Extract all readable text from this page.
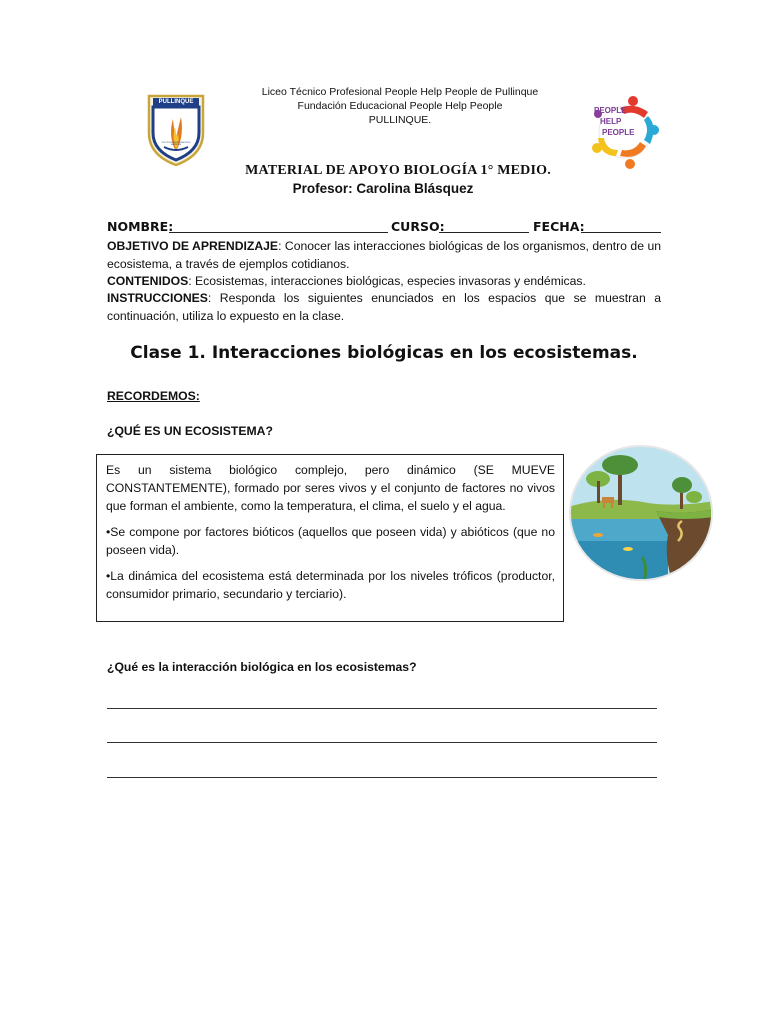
PULLINQUE
LICEO TÉCNICO PROFESIONAL PEOPLE HELP PEOPLE
Liceo Técnico Profesional People Help People de Pullinque
Fundación Educacional People Help People
PULLINQUE.
PEOPLE
HELP
PEOPLE
MATERIAL DE APOYO BIOLOGÍA 1° MEDIO.
Profesor: Carolina Blásquez
NOMBRE:	CURSO:	FECHA:
OBJETIVO DE APRENDIZAJE: Conocer las interacciones biológicas de los organismos, dentro de un ecosistema, a través de ejemplos cotidianos.
CONTENIDOS: Ecosistemas, interacciones biológicas, especies invasoras y endémicas.
INSTRUCCIONES: Responda los siguientes enunciados en los espacios que se muestran a continuación, utiliza lo expuesto en la clase.
Clase 1. Interacciones biológicas en los ecosistemas.
RECORDEMOS:
¿QUÉ ES UN ECOSISTEMA?

Es un sistema biológico complejo, pero dinámico (SE MUEVE CONSTANTEMENTE), formado por seres vivos y el conjunto de factores no vivos que forman el ambiente, como la temperatura, el clima, el suelo y el agua.

•Se compone por factores bióticos (aquellos que poseen vida) y abióticos (que no poseen vida).

•La dinámica del ecosistema está determinada por los niveles tróficos (productor, consumidor primario, secundario y terciario).

¿Qué es la interacción biológica en los ecosistemas?
